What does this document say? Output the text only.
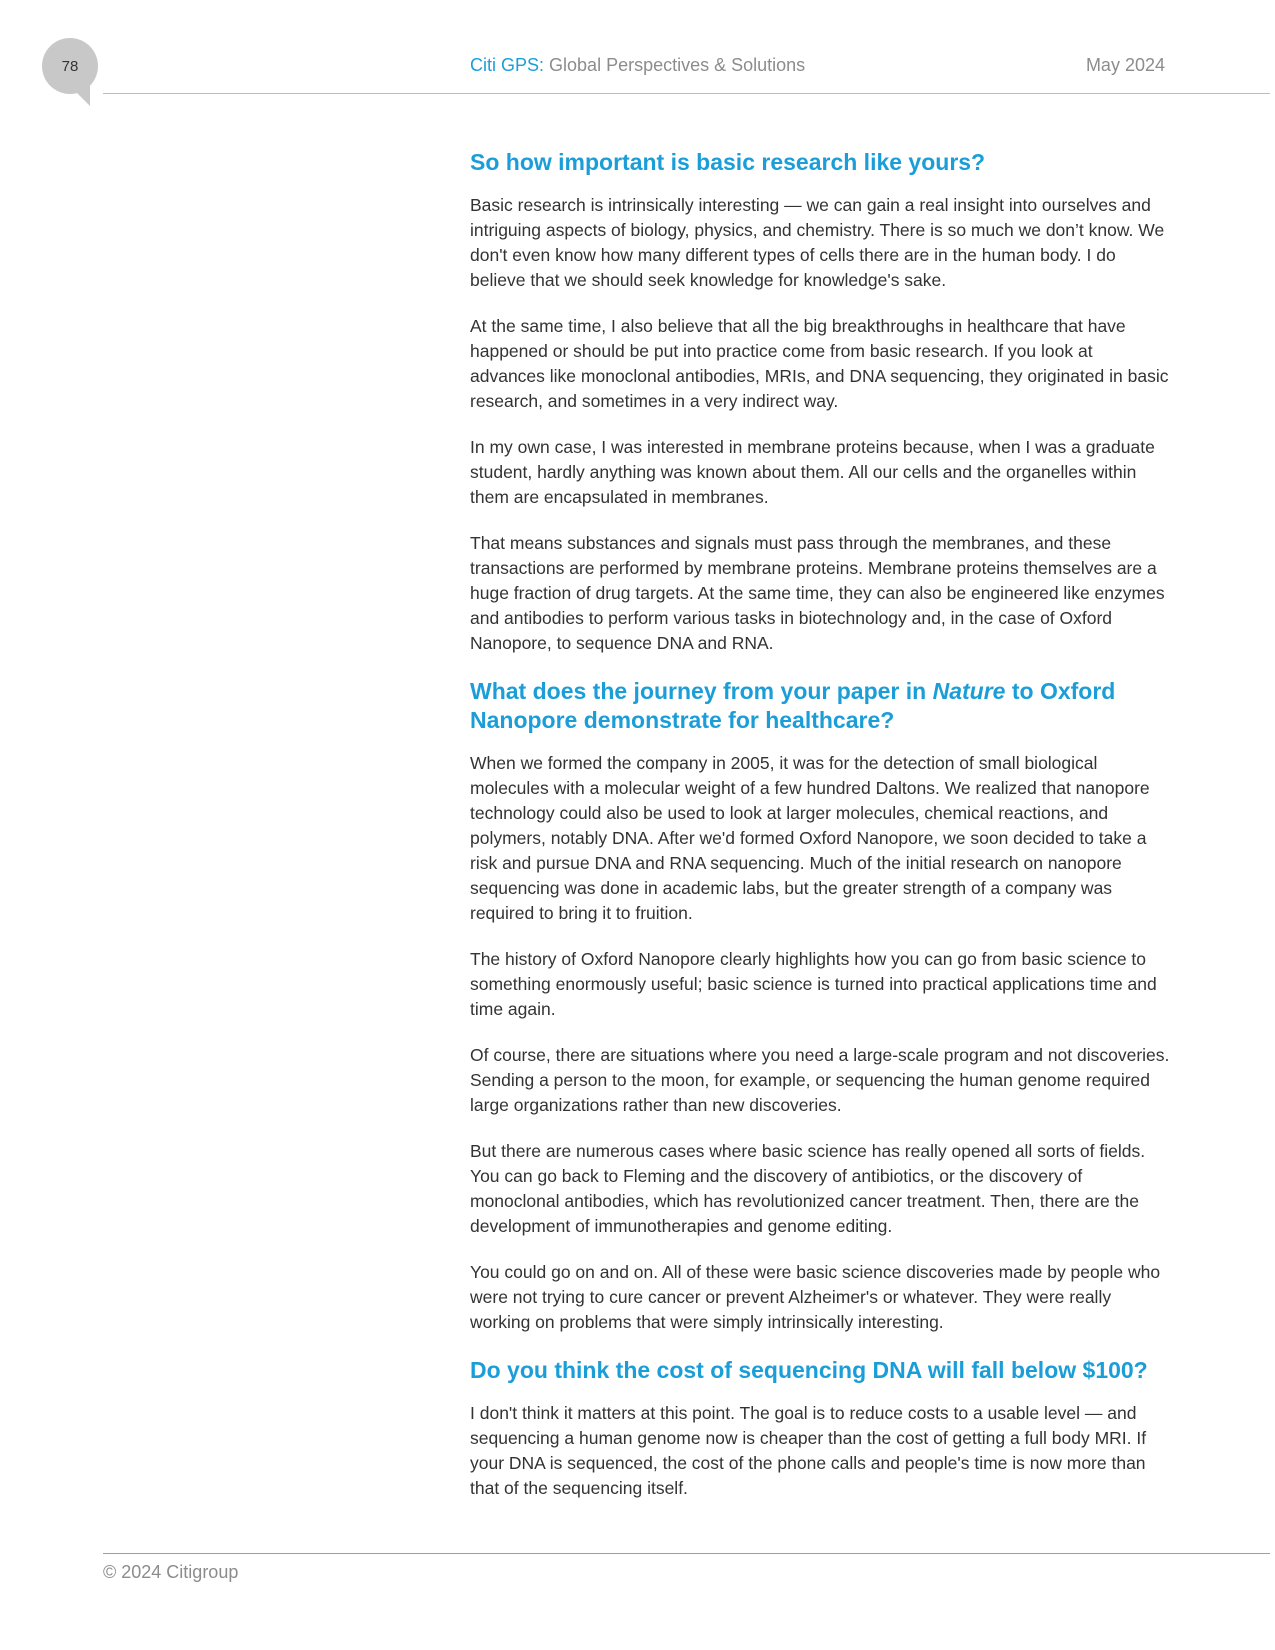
78	Citi GPS: Global Perspectives & Solutions	May 2024
So how important is basic research like yours?

Basic research is intrinsically interesting — we can gain a real insight into ourselves and intriguing aspects of biology, physics, and chemistry. There is so much we don’t know. We don't even know how many different types of cells there are in the human body. I do believe that we should seek knowledge for knowledge's sake.

At the same time, I also believe that all the big breakthroughs in healthcare that have happened or should be put into practice come from basic research. If you look at advances like monoclonal antibodies, MRIs, and DNA sequencing, they originated in basic research, and sometimes in a very indirect way.

In my own case, I was interested in membrane proteins because, when I was a graduate student, hardly anything was known about them. All our cells and the organelles within them are encapsulated in membranes.

That means substances and signals must pass through the membranes, and these transactions are performed by membrane proteins. Membrane proteins themselves are a huge fraction of drug targets. At the same time, they can also be engineered like enzymes and antibodies to perform various tasks in biotechnology and, in the case of Oxford Nanopore, to sequence DNA and RNA.

What does the journey from your paper in Nature to Oxford Nanopore demonstrate for healthcare?

When we formed the company in 2005, it was for the detection of small biological molecules with a molecular weight of a few hundred Daltons. We realized that nanopore technology could also be used to look at larger molecules, chemical reactions, and polymers, notably DNA. After we'd formed Oxford Nanopore, we soon decided to take a risk and pursue DNA and RNA sequencing. Much of the initial research on nanopore sequencing was done in academic labs, but the greater strength of a company was required to bring it to fruition.

The history of Oxford Nanopore clearly highlights how you can go from basic science to something enormously useful; basic science is turned into practical applications time and time again.

Of course, there are situations where you need a large-scale program and not discoveries. Sending a person to the moon, for example, or sequencing the human genome required large organizations rather than new discoveries.

But there are numerous cases where basic science has really opened all sorts of fields. You can go back to Fleming and the discovery of antibiotics, or the discovery of monoclonal antibodies, which has revolutionized cancer treatment. Then, there are the development of immunotherapies and genome editing.

You could go on and on. All of these were basic science discoveries made by people who were not trying to cure cancer or prevent Alzheimer's or whatever. They were really working on problems that were simply intrinsically interesting.

Do you think the cost of sequencing DNA will fall below $100?

I don't think it matters at this point. The goal is to reduce costs to a usable level — and sequencing a human genome now is cheaper than the cost of getting a full body MRI. If your DNA is sequenced, the cost of the phone calls and people's time is now more than that of the sequencing itself.

© 2024 Citigroup
